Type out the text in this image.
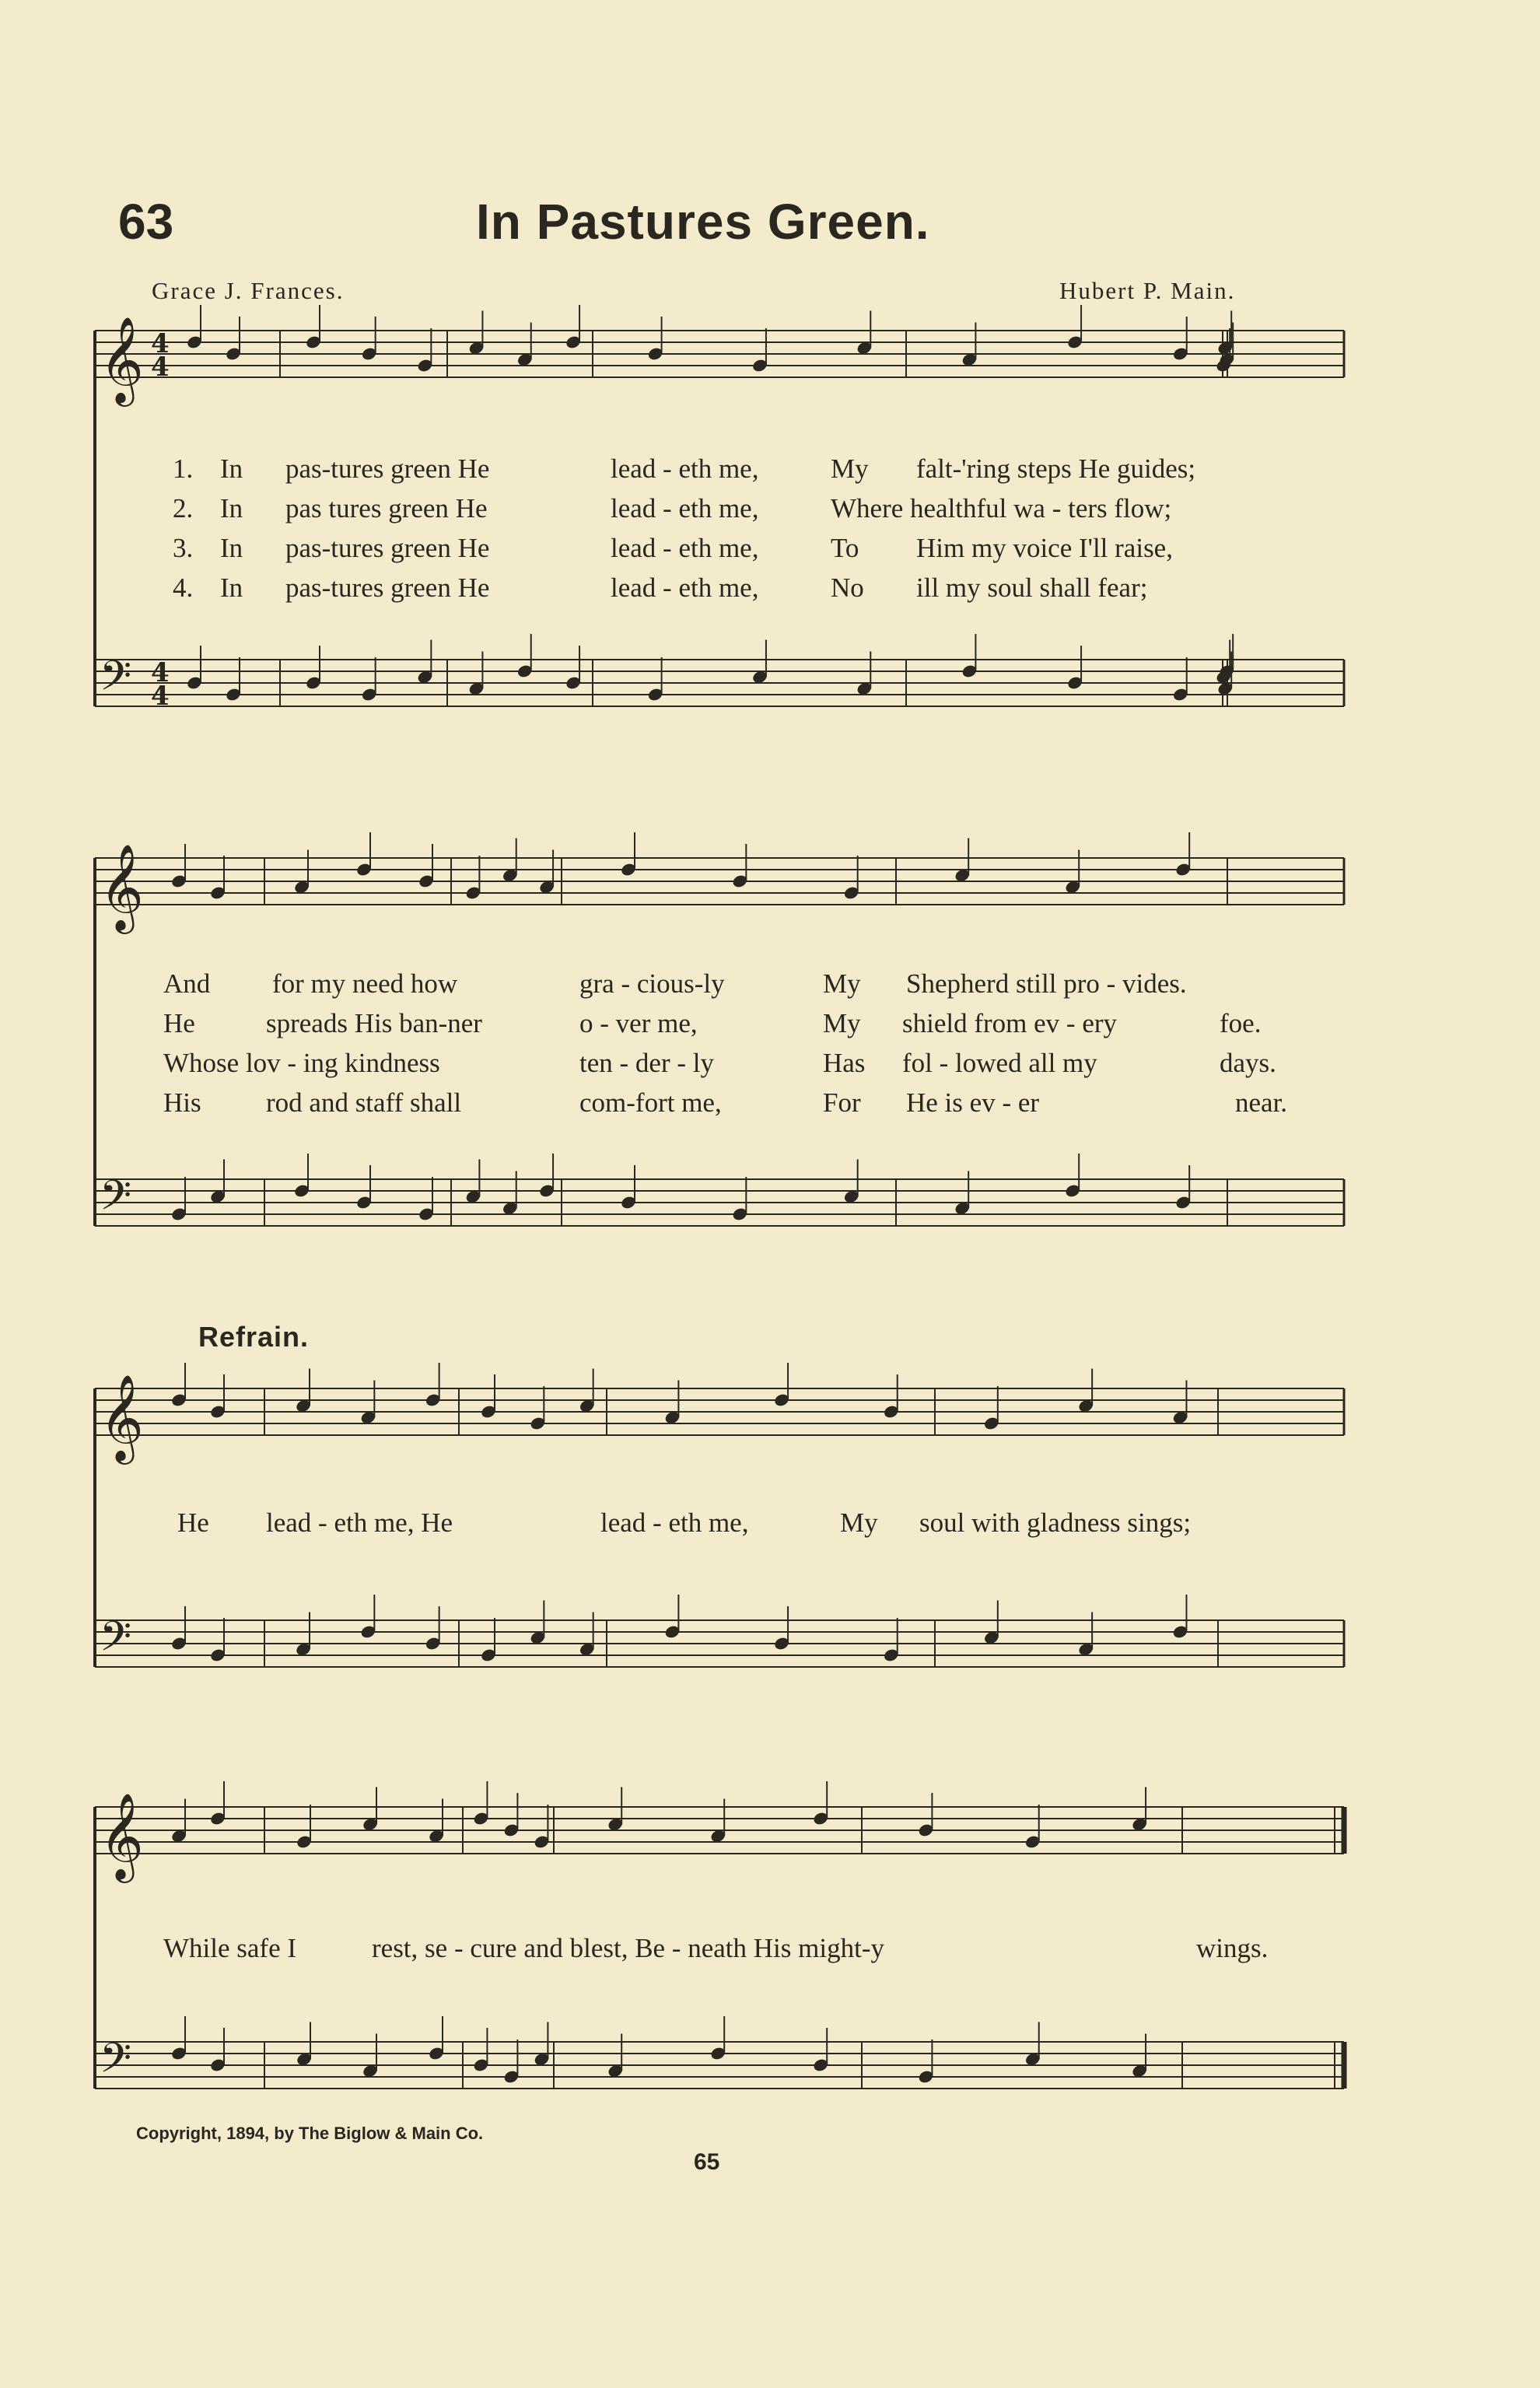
63	In Pastures Green.
Grace J. Frances.	Hubert P. Main.
𝄞 4
4
𝄢 4
4
𝄞
𝄢
𝄞
𝄢
𝄞
𝄢
1. In pas-tures green He	lead - eth me,	My falt-'ring steps He guides;
2. In pas tures green He	lead - eth me,	Where healthful wa - ters flow;
3. In pas-tures green He	lead - eth me,	To Him my voice I'll raise,
4. In pas-tures green He	lead - eth me,	No ill my soul shall fear;
And for my need how	gra - cious-ly	My Shepherd still pro - vides.
He	spreads His ban-ner	o - ver me,	My shield from ev - ery	foe.
Whose lov - ing kindness	ten - der - ly	Has fol - lowed all my	days.
His rod and staff shall	com-fort me,	For He is ev - er	near.
Refrain.
He lead - eth me, He	lead - eth me,	My soul with gladness sings;
While safe I	rest, se - cure and blest, Be - neath His might-y	wings.
Copyright, 1894, by The Biglow & Main Co.
65
